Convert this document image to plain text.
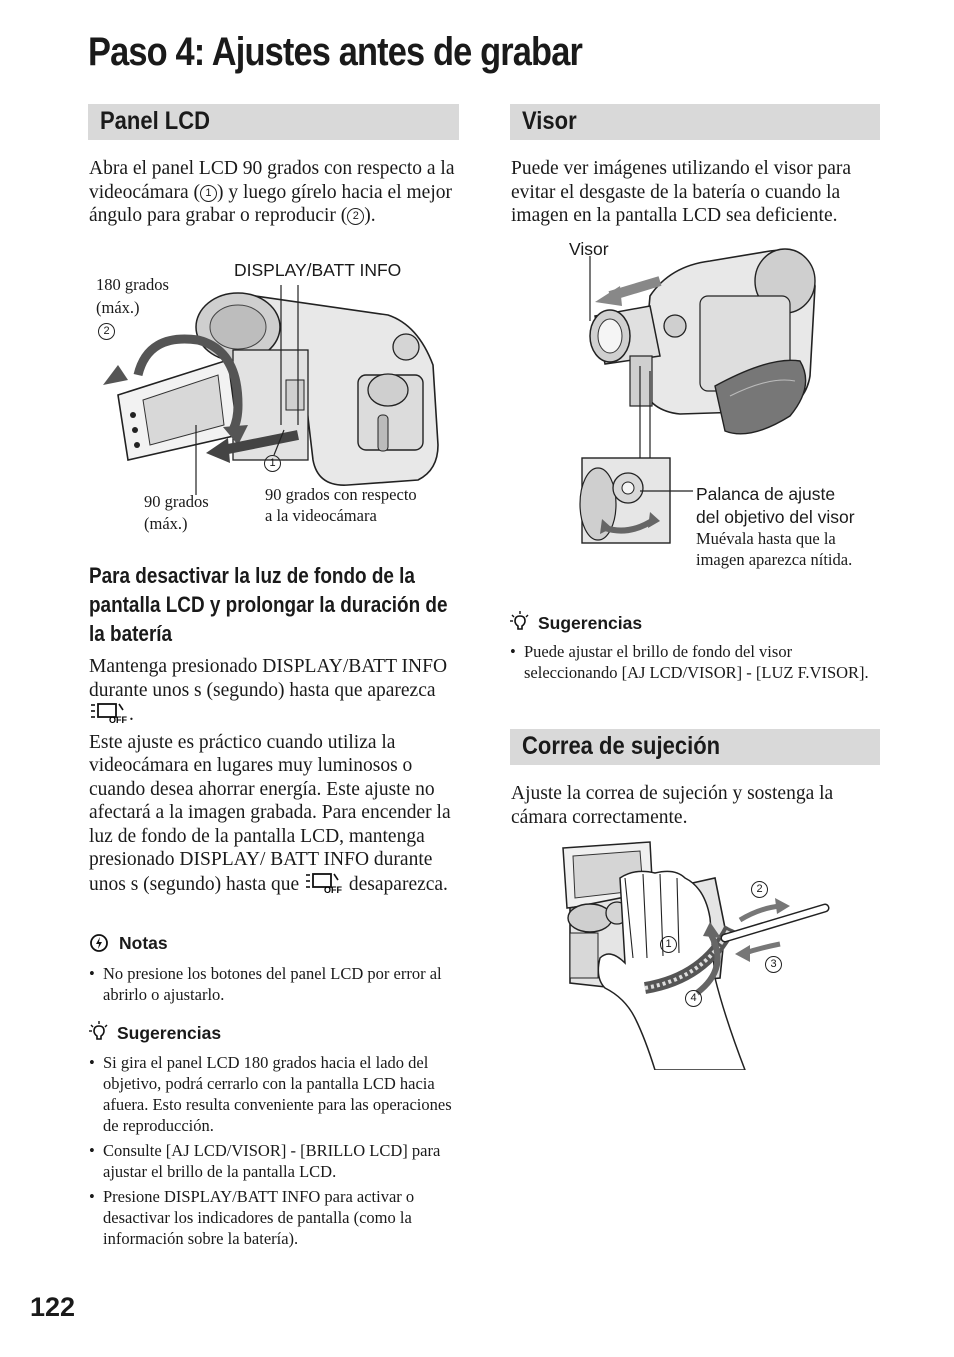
Paso 4: Ajustes antes de grabar
Panel LCD
Abra el panel LCD 90 grados con respecto a la videocámara ( 1 ) y luego gírelo hacia el mejor ángulo para grabar o reproducir ( 2 ).
DISPLAY/BATT INFO
180 grados
(máx.)
2
1
90 grados
(máx.)
90 grados con respecto
a la videocámara
Para desactivar la luz de fondo de la pantalla LCD y prolongar la duración de la batería
Mantenga presionado DISPLAY/BATT INFO durante unos s (segundo) hasta que aparezca
OFF .
Este ajuste es práctico cuando utiliza la videocámara en lugares muy luminosos o cuando desea ahorrar energía. Este ajuste no afectará a la imagen grabada. Para encender la luz de fondo de la pantalla LCD, mantenga presionado DISPLAY/ BATT INFO durante unos s (segundo) hasta que	OFF desaparezca.
Notas
• No presione los botones del panel LCD por error al abrirlo o ajustarlo.
Sugerencias
• Si gira el panel LCD 180 grados hacia el lado del objetivo, podrá cerrarlo con la pantalla LCD hacia afuera. Esto resulta conveniente para las operaciones de reproducción.
• Consulte [AJ LCD/VISOR] - [BRILLO LCD] para ajustar el brillo de la pantalla LCD.
• Presione DISPLAY/BATT INFO para activar o desactivar los indicadores de pantalla (como la información sobre la batería).
Visor
Puede ver imágenes utilizando el visor para evitar el desgaste de la batería o cuando la imagen en la pantalla LCD sea deficiente.
Visor
Palanca de ajuste
del objetivo del visor
Muévala hasta que la imagen aparezca nítida.
Sugerencias
• Puede ajustar el brillo de fondo del visor seleccionando [AJ LCD/VISOR] - [LUZ F.VISOR].
Correa de sujeción
Ajuste la correa de sujeción y sostenga la cámara correctamente.
1
2
3
4
122
